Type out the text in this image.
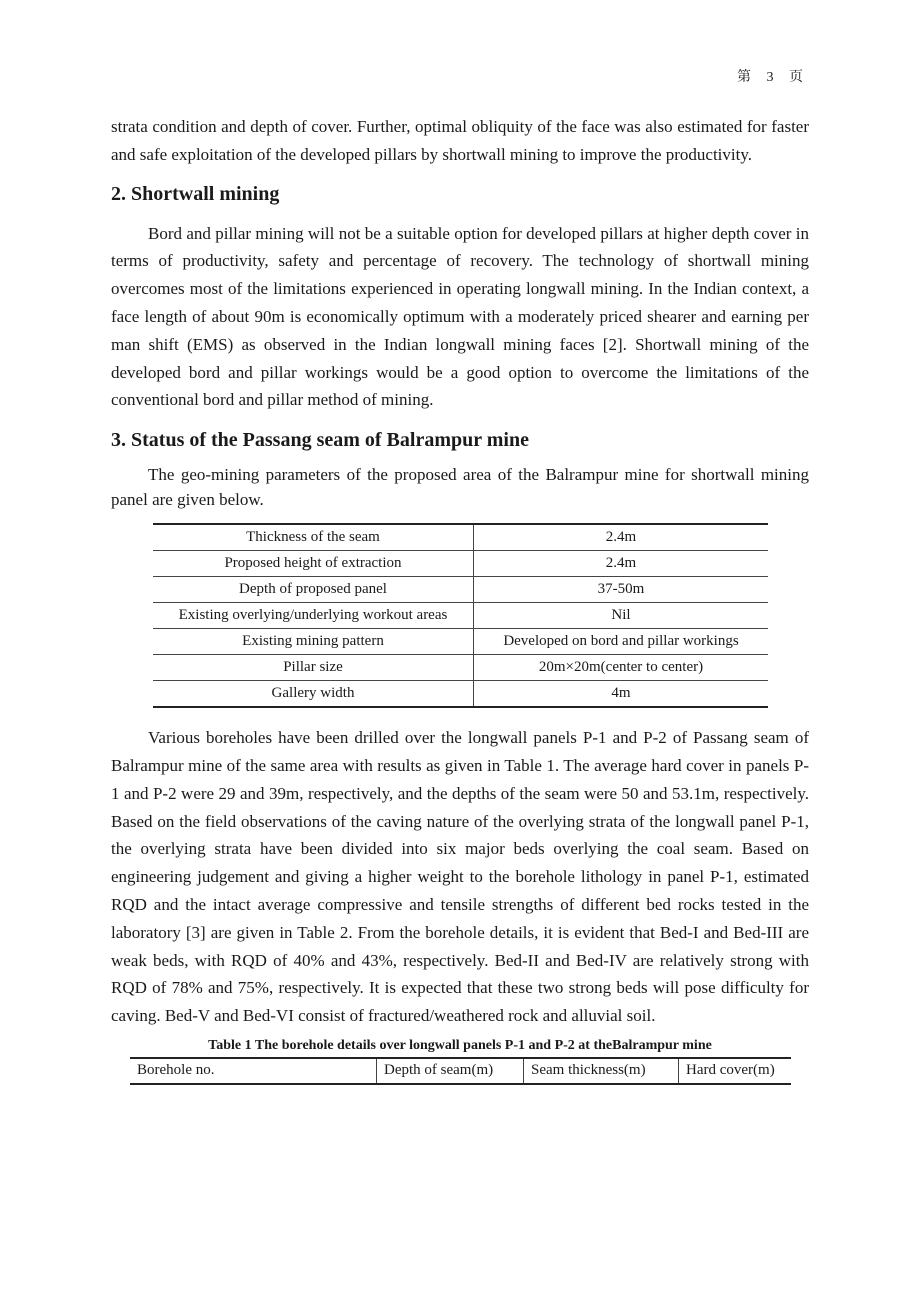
第 3 页

strata condition and depth of cover. Further, optimal obliquity of the face was also estimated for faster and safe exploitation of the developed pillars by shortwall mining to improve the productivity.

2. Shortwall mining

Bord and pillar mining will not be a suitable option for developed pillars at higher depth cover in terms of productivity, safety and percentage of recovery. The technology of shortwall mining overcomes most of the limitations experienced in operating longwall mining. In the Indian context, a face length of about 90m is economically optimum with a moderately priced shearer and earning per man shift (EMS) as observed in the Indian longwall mining faces [2]. Shortwall mining of the developed bord and pillar workings would be a good option to overcome the limitations of the conventional bord and pillar method of mining.

3. Status of the Passang seam of Balrampur mine

The geo-mining parameters of the proposed area of the Balrampur mine for shortwall mining panel are given below.

Thickness of the seam	2.4m
Proposed height of extraction	2.4m
Depth of proposed panel	37-50m
Existing overlying/underlying workout areas	Nil
Existing mining pattern	Developed on bord and pillar workings
Pillar size	20m×20m(center to center)
Gallery width	4m

Various boreholes have been drilled over the longwall panels P-1 and P-2 of Passang seam of Balrampur mine of the same area with results as given in Table 1. The average hard cover in panels P-1 and P-2 were 29 and 39m, respectively, and the depths of the seam were 50 and 53.1m, respectively. Based on the field observations of the caving nature of the overlying strata of the longwall panel P-1, the overlying strata have been divided into six major beds overlying the coal seam. Based on engineering judgement and giving a higher weight to the borehole lithology in panel P-1, estimated RQD and the intact average compressive and tensile strengths of different bed rocks tested in the laboratory [3] are given in Table 2. From the borehole details, it is evident that Bed-I and Bed-III are weak beds, with RQD of 40% and 43%, respectively. Bed-II and Bed-IV are relatively strong with RQD of 78% and 75%, respectively. It is expected that these two strong beds will pose difficulty for caving. Bed-V and Bed-VI consist of fractured/weathered rock and alluvial soil.

Table 1 The borehole details over longwall panels P-1 and P-2 at theBalrampur mine
Borehole no.	Depth of seam(m)	Seam thickness(m)	Hard cover(m)
